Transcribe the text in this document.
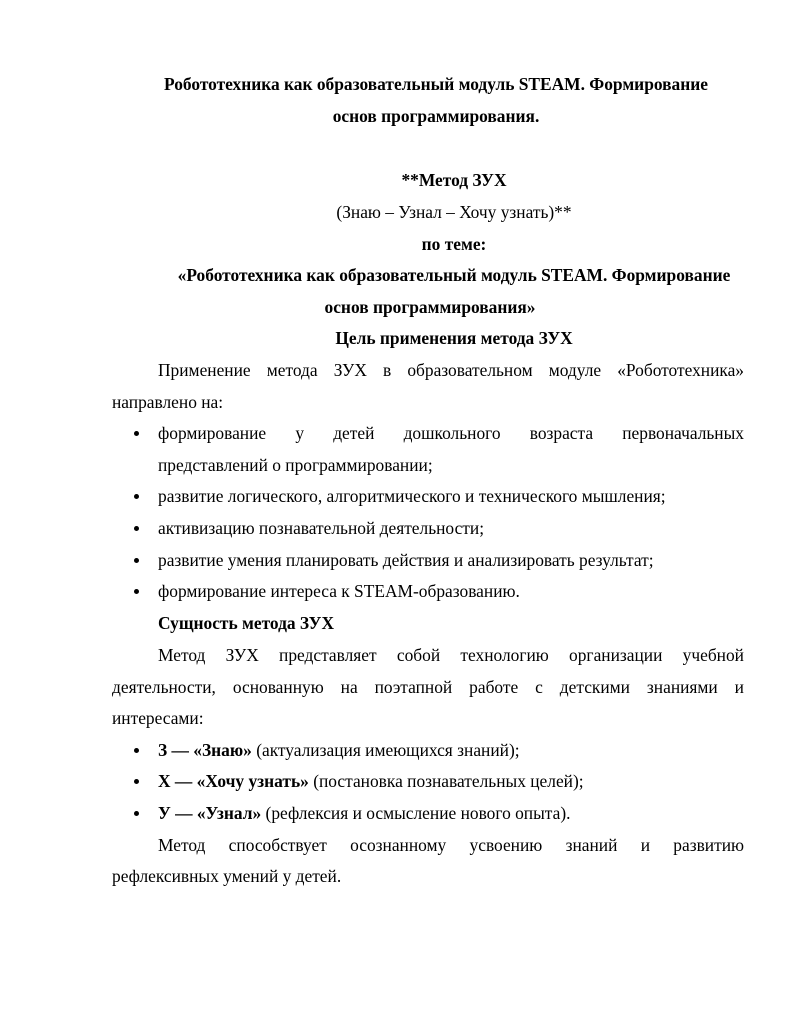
Робототехника как образовательный модуль STEAM. Формирование
основ программирования.
**Метод ЗУХ
(Знаю – Узнал – Хочу узнать)**
по теме:
«Робототехника как образовательный модуль STEAM. Формирование
основ программирования»
Цель применения метода ЗУХ
Применение метода ЗУХ в образовательном модуле «Робототехника»
направлено на:
формирование у детей дошкольного возраста первоначальных
представлений о программировании;
развитие логического, алгоритмического и технического мышления;
активизацию познавательной деятельности;
развитие умения планировать действия и анализировать результат;
формирование интереса к STEAM-образованию.
Сущность метода ЗУХ
Метод ЗУХ представляет собой технологию организации учебной
деятельности, основанную на поэтапной работе с детскими знаниями и
интересами:
З — «Знаю» (актуализация имеющихся знаний);
Х — «Хочу узнать» (постановка познавательных целей);
У — «Узнал» (рефлексия и осмысление нового опыта).
Метод способствует осознанному усвоению знаний и развитию
рефлексивных умений у детей.
